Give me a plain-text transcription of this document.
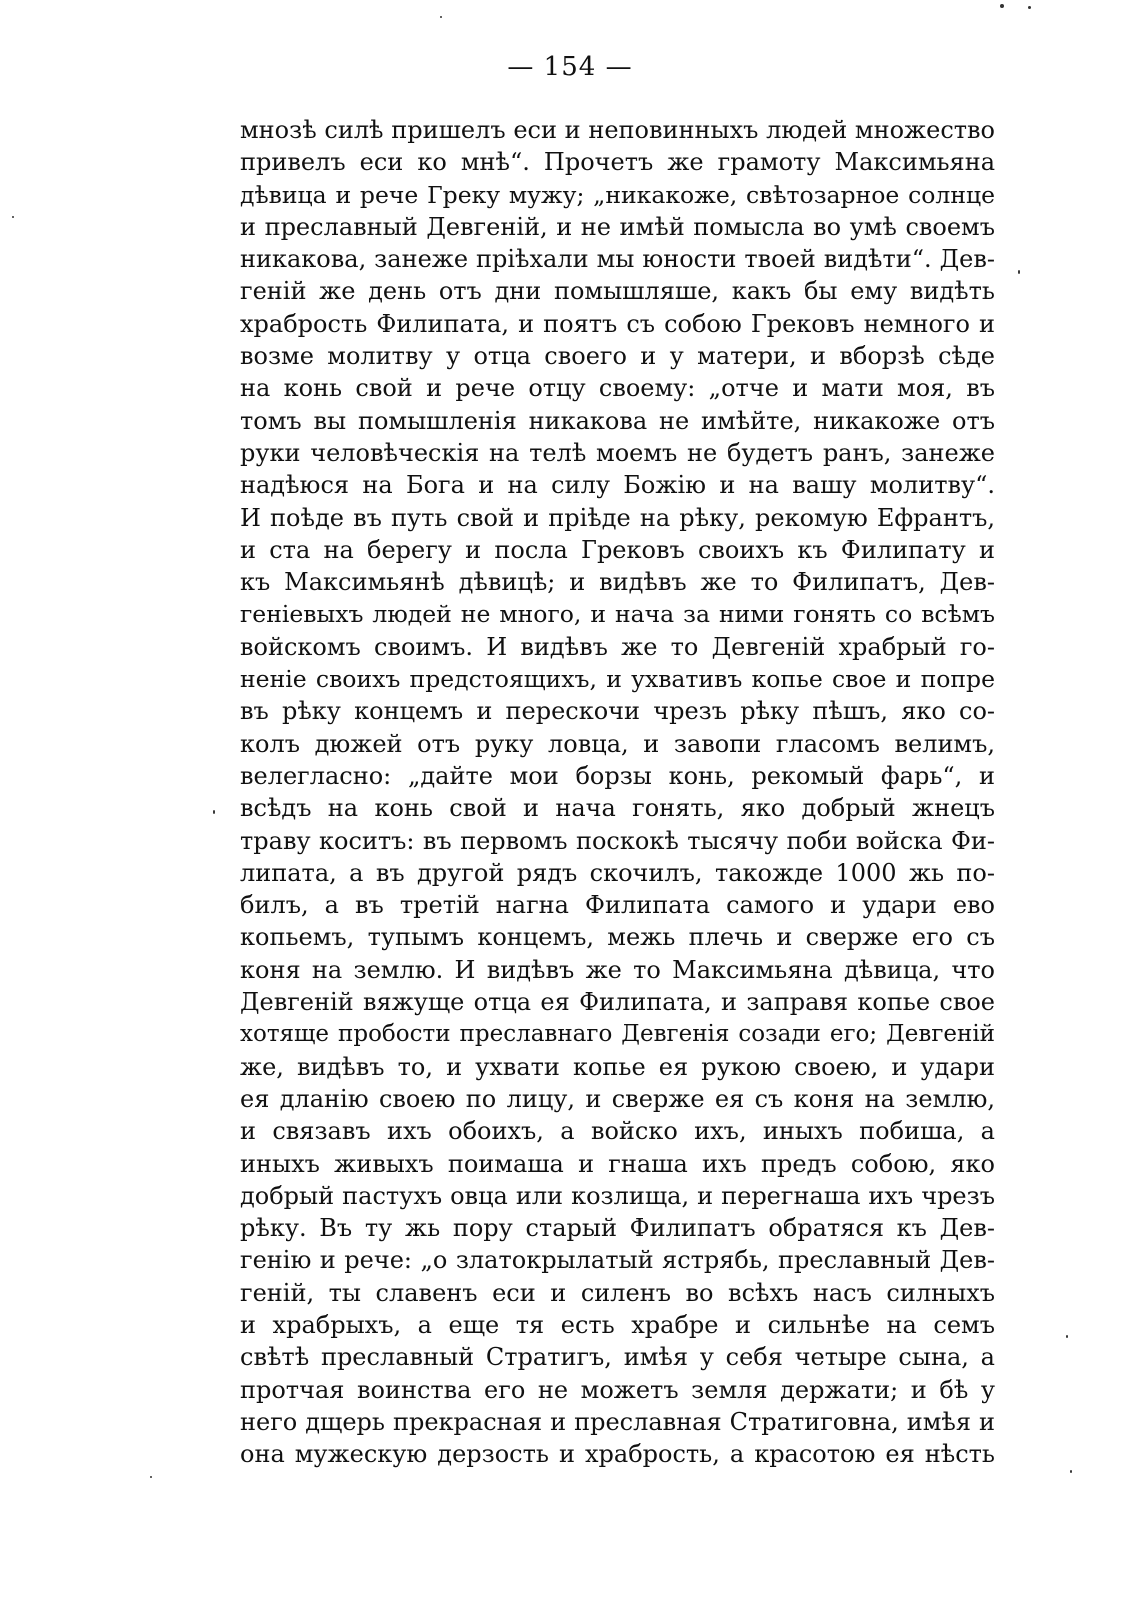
— 154 —
мнозѣ силѣ пришелъ еси и неповинныхъ людей множество
привелъ еси ко мнѣ“. Прочетъ же грамоту Максимьяна
дѣвица и рече Греку мужу; „никакоже, свѣтозарное солнце
и преславный Девгеній, и не имѣй помысла во умѣ своемъ
никакова, занеже пріѣхали мы юности твоей видѣти“. Дев-
геній же день отъ дни помышляше, какъ бы ему видѣть
храбрость Филипата, и поятъ съ собою Грековъ немного и
возме молитву у отца своего и у матери, и вборзѣ сѣде
на конь свой и рече отцу своему: „отче и мати моя, въ
томъ вы помышленія никакова не имѣйте, никакоже отъ
руки человѣческія на телѣ моемъ не будетъ ранъ, занеже
надѣюся на Бога и на силу Божію и на вашу молитву“.
И поѣде въ путь свой и пріѣде на рѣку, рекомую Ефрантъ,
и ста на берегу и посла Грековъ своихъ къ Филипату и
къ Максимьянѣ дѣвицѣ; и видѣвъ же то Филипатъ, Дев-
геніевыхъ людей не много, и нача за ними гонять со всѣмъ
войскомъ своимъ. И видѣвъ же то Девгеній храбрый го-
неніе своихъ предстоящихъ, и ухвативъ копье свое и попре
въ рѣку концемъ и перескочи чрезъ рѣку пѣшъ, яко со-
колъ дюжей отъ руку ловца, и завопи гласомъ велимъ,
велегласно: „дайте мои борзы конь, рекомый фарь“, и
всѣдъ на конь свой и нача гонять, яко добрый жнецъ
траву коситъ: въ первомъ поскокѣ тысячу поби войска Фи-
липата, а въ другой рядъ скочилъ, такожде 1000 жь по-
билъ, а въ третій нагна Филипата самого и удари ево
копьемъ, тупымъ концемъ, межь плечь и сверже его съ
коня на землю. И видѣвъ же то Максимьяна дѣвица, что
Девгеній вяжуще отца ея Филипата, и заправя копье свое
хотяще пробости преславнаго Девгенія созади его; Девгеній
же, видѣвъ то, и ухвати копье ея рукою своею, и удари
ея дланію своею по лицу, и сверже ея съ коня на землю,
и связавъ ихъ обоихъ, а войско ихъ, иныхъ побиша, а
иныхъ живыхъ поимаша и гнаша ихъ предъ собою, яко
добрый пастухъ овца или козлища, и перегнаша ихъ чрезъ
рѣку. Въ ту жь пору старый Филипатъ обратяся къ Дев-
генію и рече: „о златокрылатый ястрябь, преславный Дев-
геній, ты славенъ еси и силенъ во всѣхъ насъ силныхъ
и храбрыхъ, а еще тя есть храбре и сильнѣе на семъ
свѣтѣ преславный Стратигъ, имѣя у себя четыре сына, а
протчая воинства его не можетъ земля держати; и бѣ у
него дщерь прекрасная и преславная Стратиговна, имѣя и
она мужескую дерзость и храбрость, а красотою ея нѣсть
